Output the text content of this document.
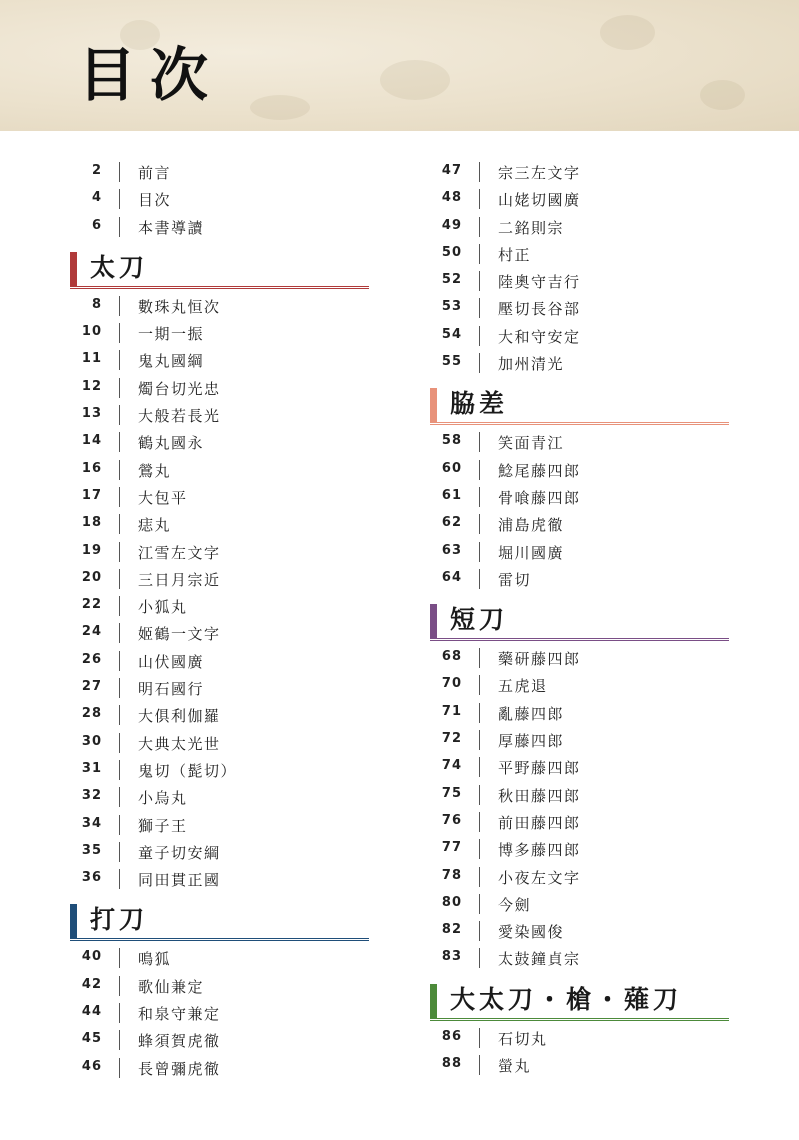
目次
2 前言
4 目次
6 本書導讀
太刀
8 數珠丸恒次
10 一期一振
11 鬼丸國綱
12 燭台切光忠
13 大般若長光
14 鶴丸國永
16 鶯丸
17 大包平
18 痣丸
19 江雪左文字
20 三日月宗近
22 小狐丸
24 姬鶴一文字
26 山伏國廣
27 明石國行
28 大俱利伽羅
30 大典太光世
31 鬼切（髭切）
32 小烏丸
34 獅子王
35 童子切安綱
36 同田貫正國
打刀
40 鳴狐
42 歌仙兼定
44 和泉守兼定
45 蜂須賀虎徹
46 長曾彌虎徹
47 宗三左文字
48 山姥切國廣
49 二銘則宗
50 村正
52 陸奧守吉行
53 壓切長谷部
54 大和守安定
55 加州清光
脇差
58 笑面青江
60 鯰尾藤四郎
61 骨喰藤四郎
62 浦島虎徹
63 堀川國廣
64 雷切
短刀
68 藥研藤四郎
70 五虎退
71 亂藤四郎
72 厚藤四郎
74 平野藤四郎
75 秋田藤四郎
76 前田藤四郎
77 博多藤四郎
78 小夜左文字
80 今劍
82 愛染國俊
83 太鼓鐘貞宗
大太刀・槍・薙刀
86 石切丸
88 螢丸
